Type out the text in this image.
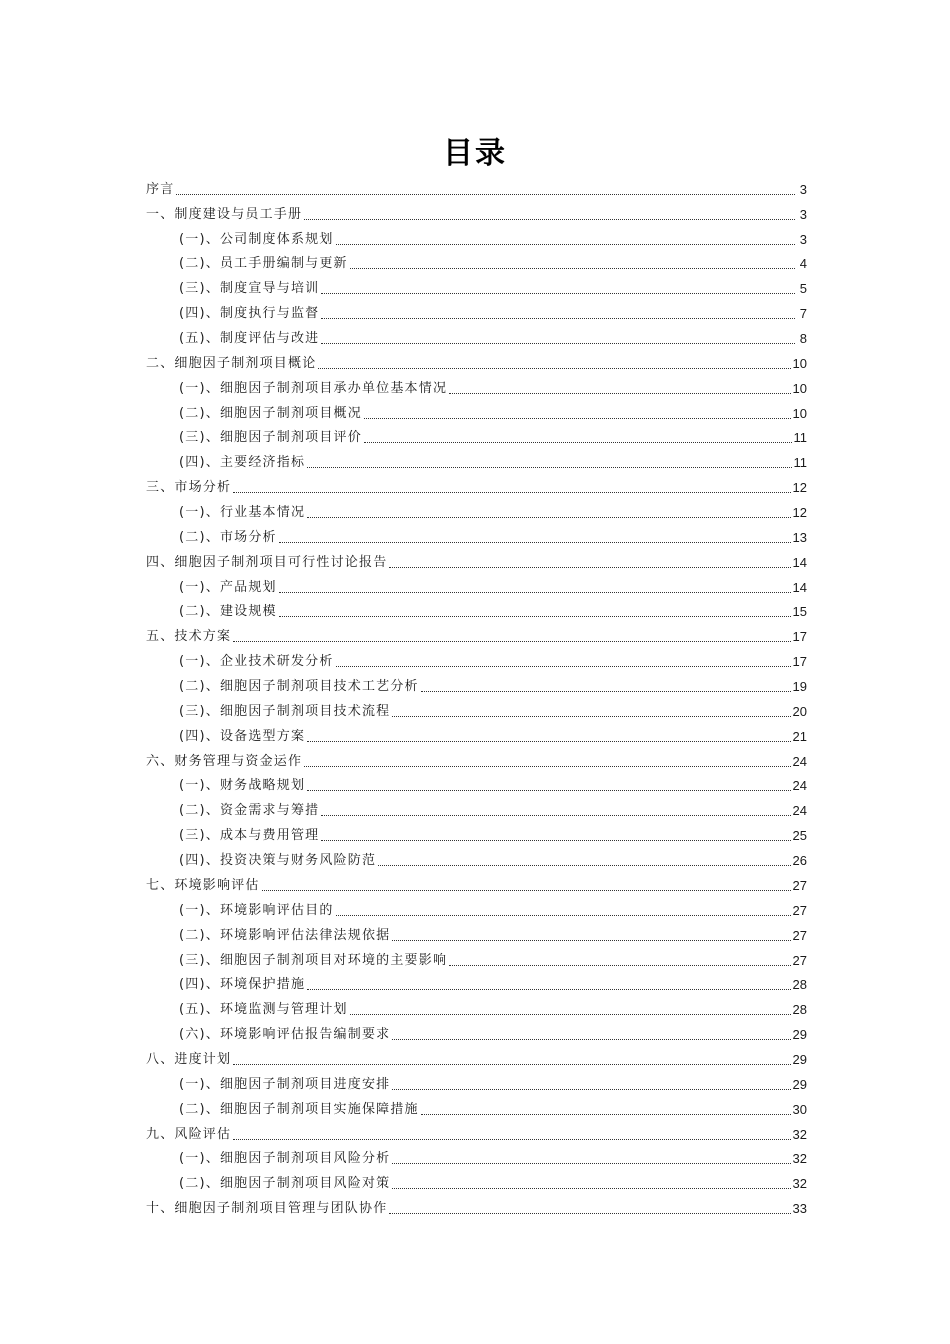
目录
序言	3
一、制度建设与员工手册	3
(一)、公司制度体系规划	3
(二)、员工手册编制与更新	4
(三)、制度宣导与培训	5
(四)、制度执行与监督	7
(五)、制度评估与改进	8
二、细胞因子制剂项目概论	10
(一)、细胞因子制剂项目承办单位基本情况	10
(二)、细胞因子制剂项目概况	10
(三)、细胞因子制剂项目评价	11
(四)、主要经济指标	11
三、市场分析	12
(一)、行业基本情况	12
(二)、市场分析	13
四、细胞因子制剂项目可行性讨论报告	14
(一)、产品规划	14
(二)、建设规模	15
五、技术方案	17
(一)、企业技术研发分析	17
(二)、细胞因子制剂项目技术工艺分析	19
(三)、细胞因子制剂项目技术流程	20
(四)、设备选型方案	21
六、财务管理与资金运作	24
(一)、财务战略规划	24
(二)、资金需求与筹措	24
(三)、成本与费用管理	25
(四)、投资决策与财务风险防范	26
七、环境影响评估	27
(一)、环境影响评估目的	27
(二)、环境影响评估法律法规依据	27
(三)、细胞因子制剂项目对环境的主要影响	27
(四)、环境保护措施	28
(五)、环境监测与管理计划	28
(六)、环境影响评估报告编制要求	29
八、进度计划	29
(一)、细胞因子制剂项目进度安排	29
(二)、细胞因子制剂项目实施保障措施	30
九、风险评估	32
(一)、细胞因子制剂项目风险分析	32
(二)、细胞因子制剂项目风险对策	32
十、细胞因子制剂项目管理与团队协作	33
